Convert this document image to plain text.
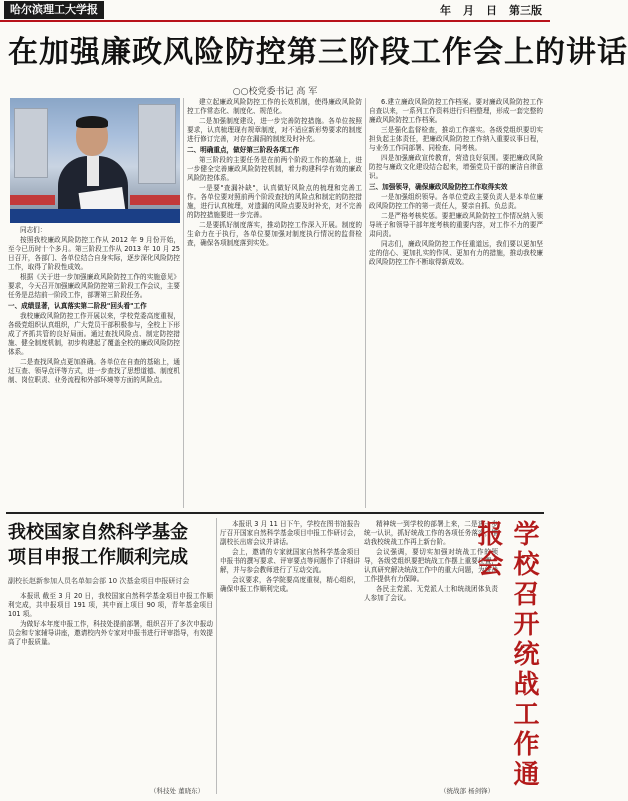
哈尔滨理工大学报	年 月 日 第三版
在加强廉政风险防控第三阶段工作会上的讲话
○○校党委书记 高 军

同志们：

按照我校廉政风险防控工作从 2012 年 9 月份开始，至今已历时十个多月。第三阶段工作从 2013 年 10 月 25 日召开，各部门、各单位结合自身实际，逐步深化风险防控工作，取得了阶段性成效。

根据《关于进一步加强廉政风险防控工作的实施意见》要求，今天召开加强廉政风险防控第三阶段工作会议，主要任务是总结前一阶段工作，部署第三阶段任务。

一、成绩显著，认真落实第二阶段"回头看"工作

我校廉政风险防控工作开展以来，学校党委高度重视，各级党组织认真组织，广大党员干部积极参与，全校上下形成了齐抓共管的良好局面。通过查找风险点、制定防控措施、健全制度机制，初步构建起了覆盖全校的廉政风险防控体系。

二是查找风险点更加准确。各单位在自查的基础上，通过互查、领导点评等方式，进一步查找了思想道德、制度机制、岗位职责、业务流程和外部环境等方面的风险点。

建立起廉政风险防控工作的长效机制，使得廉政风险防控工作常态化、制度化、规范化。

二是加强制度建设，进一步完善防控措施。各单位按照要求，认真梳理现有规章制度，对不适应新形势要求的制度进行修订完善，对存在漏洞的制度及时补充。

二、明确重点，做好第三阶段各项工作

第三阶段的主要任务是在前两个阶段工作的基础上，进一步健全完善廉政风险防控机制，着力构建科学有效的廉政风险防控体系。

一是要"查漏补缺"，认真做好风险点的梳理和完善工作。各单位要对照前两个阶段查找的风险点和制定的防控措施，进行认真梳理，对遗漏的风险点要及时补充，对不完善的防控措施要进一步完善。

二是要抓好制度落实，推动防控工作深入开展。制度的生命力在于执行，各单位要加强对制度执行情况的监督检查，确保各项制度落到实处。

6.建立廉政风险防控工作档案。要对廉政风险防控工作自查以来，一系列工作资料进行归档整理，形成一套完整的廉政风险防控工作档案。

三是强化监督检查，推动工作落实。各级党组织要切实担负起主体责任，把廉政风险防控工作纳入重要议事日程，与业务工作同部署、同检查、同考核。

四是加强廉政宣传教育，营造良好氛围。要把廉政风险防控与廉政文化建设结合起来，增强党员干部的廉洁自律意识。

三、加强领导，确保廉政风险防控工作取得实效

一是加强组织领导。各单位党政主要负责人是本单位廉政风险防控工作的第一责任人，要亲自抓、负总责。

二是严格考核奖惩。要把廉政风险防控工作情况纳入领导班子和领导干部年度考核的重要内容，对工作不力的要严肃问责。

同志们，廉政风险防控工作任重道远，我们要以更加坚定的信心、更加扎实的作风、更加有力的措施，推动我校廉政风险防控工作不断取得新成效。

我校国家自然科学基金
项目申报工作顺利完成
副校长赵新参加人员名单如会部 10 次基金项目申报研讨会

本报讯 截至 3 月 20 日，我校国家自然科学基金项目申报工作顺利完成，共申报项目 191 项，其中面上项目 90 项，青年基金项目 101 项。

为做好本年度申报工作，科技处提前部署，组织召开了多次申报动员会和专家辅导讲座，邀请校内外专家对申报书进行评审指导，有效提高了申报质量。

（科技处 董晓东）

本报讯 3 月 11 日下午，学校在图书馆报告厅召开国家自然科学基金项目申报工作研讨会，副校长出席会议并讲话。

会上，邀请的专家就国家自然科学基金项目申报书的撰写要求、评审要点等问题作了详细讲解，并与参会教师进行了互动交流。

会议要求，各学院要高度重视，精心组织，确保申报工作顺利完成。

精神统一到学校的部署上来，二是进一步统一认识，抓好统战工作的各项任务落实，推动我校统战工作再上新台阶。

会议强调，要切实加强对统战工作的领导，各级党组织要把统战工作摆上重要位置，认真研究解决统战工作中的重大问题，为统战工作提供有力保障。

各民主党派、无党派人士和统战团体负责人参加了会议。

（统战部 杨剑锋）
学校召开统战工作通报会
